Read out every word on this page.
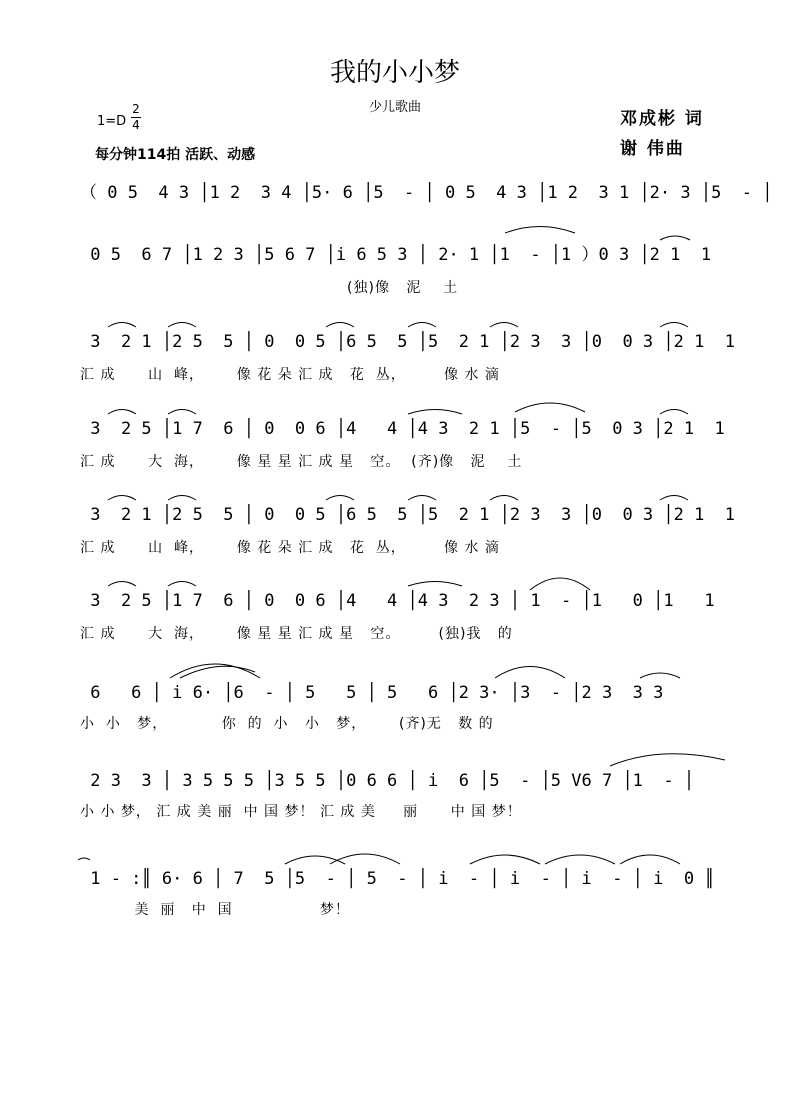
我的小小梦
少儿歌曲
邓成彬 词
谢 伟曲
1=D
2
4
每分钟114拍 活跃、动感
（ 0 5  4 3 │1 2  3 4 │5· 6 │5  - │ 0 5  4 3 │1 2  3 1 │2· 3 │5  - │
0 5  6 7 │1 2 3 │5 6 7 │i 6 5 3 │ 2· 1 │1  - │1 ）0 3 │2 1  1
(独)像   泥    土
3  2 1 │2 5  5 │ 0  0 5 │6 5  5 │5  2 1 │2 3  3 │0  0 3 │2 1  1
汇 成      山  峰，      像 花 朵 汇 成   花  丛，       像 水 滴
3  2 5 │1 7  6 │ 0  0 6 │4   4 │4 3  2 1 │5  - │5  0 3 │2 1  1
汇 成      大  海，      像 星 星 汇 成 星   空。  (齐)像   泥    土
3  2 1 │2 5  5 │ 0  0 5 │6 5  5 │5  2 1 │2 3  3 │0  0 3 │2 1  1
汇 成      山  峰，      像 花 朵 汇 成   花  丛，       像 水 滴
3  2 5 │1 7  6 │ 0  0 6 │4   4 │4 3  2 3 │ 1  - │1   0 │1   1
汇 成      大  海，      像 星 星 汇 成 星   空。       (独)我   的
6   6 │ i 6· │6  - │ 5   5 │ 5   6 │2 3· │3  - │2 3  3 3
小  小   梦，          你  的  小   小   梦，      (齐)无   数 的
2 3  3 │ 3 5 5 5 │3 5 5 │0 6 6 │ i  6 │5  - │5 V6 7 │1  - │
小 小 梦， 汇 成 美 丽  中 国 梦！ 汇 成 美     丽      中 国 梦！
1 - :║ 6· 6 │ 7  5 │5  - │ 5  - │ i  - │ i  - │ i  - │ i  0 ║
美  丽   中  国                梦！
